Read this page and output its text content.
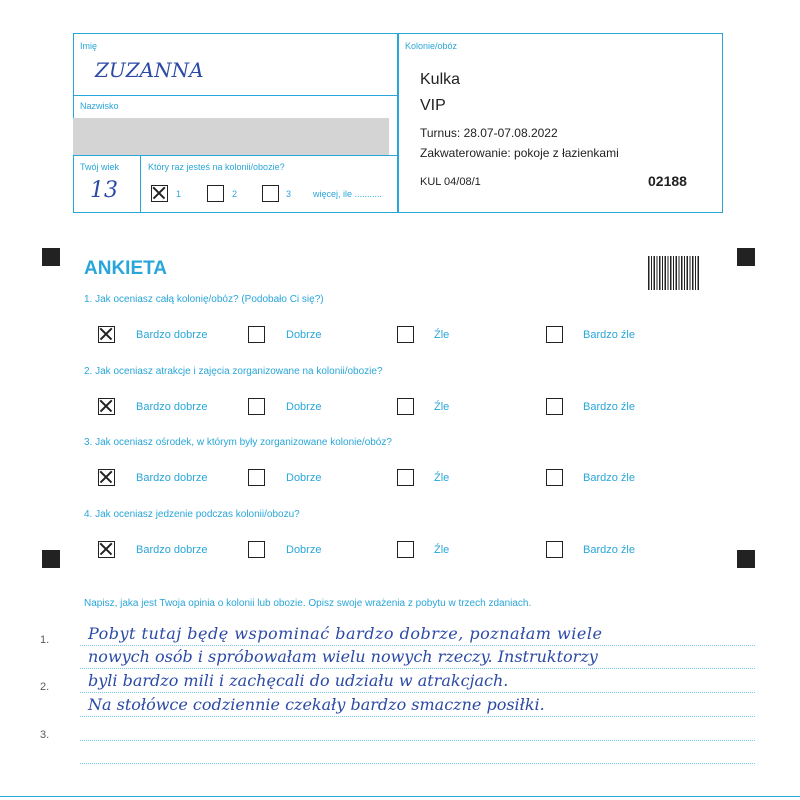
Imię
ZUZANNA
Nazwisko
Twój wiek
13
Który raz jesteś na kolonii/obozie?
1	2	3 więcej, ile ...........
Kolonie/obóz
Kulka
VIP
Turnus: 28.07-07.08.2022
Zakwaterowanie: pokoje z łazienkami
KUL 04/08/1	02188
ANKIETA
1. Jak oceniasz całą kolonię/obóz? (Podobało Ci się?)
2. Jak oceniasz atrakcje i zajęcia zorganizowane na kolonii/obozie?
3. Jak oceniasz ośrodek, w którym były zorganizowane kolonie/obóz?
4. Jak oceniasz jedzenie podczas kolonii/obozu?
Bardzo dobrze	Dobrze	Źle	Bardzo źle
Bardzo dobrze	Dobrze	Źle	Bardzo źle
Bardzo dobrze	Dobrze	Źle	Bardzo źle
Bardzo dobrze	Dobrze	Źle	Bardzo źle
Napisz, jaka jest Twoja opinia o kolonii lub obozie. Opisz swoje wrażenia z pobytu w trzech zdaniach.
1.
2.
3.
Pobyt tutaj będę wspominać bardzo dobrze, poznałam wiele
nowych osób i spróbowałam wielu nowych rzeczy. Instruktorzy
byli bardzo mili i zachęcali do udziału w atrakcjach.
Na stołówce codziennie czekały bardzo smaczne posiłki.
